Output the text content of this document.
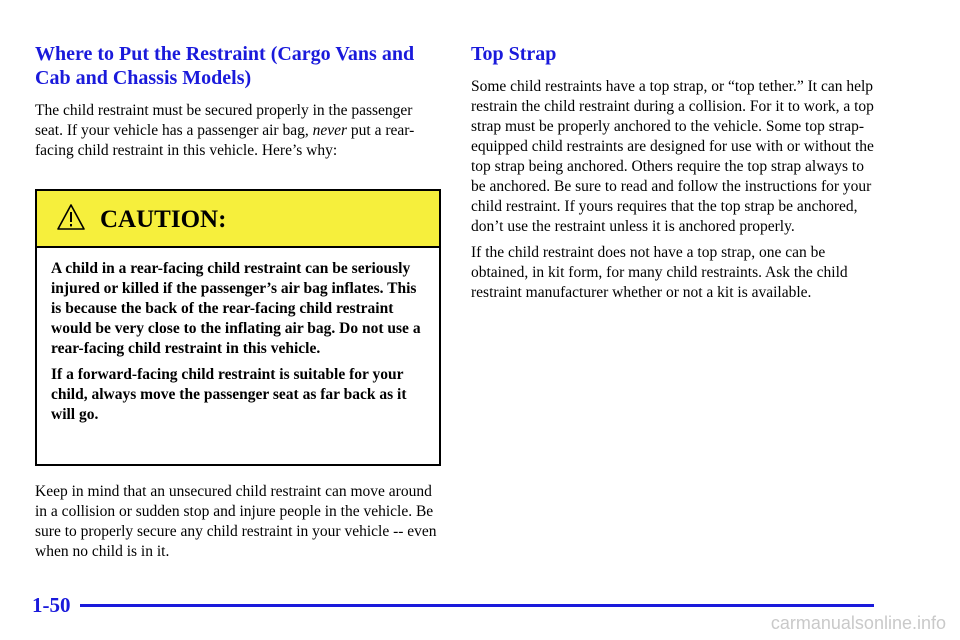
Where to Put the Restraint (Cargo Vans and Cab and Chassis Models)

The child restraint must be secured properly in the passenger seat. If your vehicle has a passenger air bag, never put a rear-facing child restraint in this vehicle. Here’s why:

CAUTION:

A child in a rear-facing child restraint can be seriously injured or killed if the passenger’s air bag inflates. This is because the back of the rear-facing child restraint would be very close to the inflating air bag. Do not use a rear-facing child restraint in this vehicle.

If a forward-facing child restraint is suitable for your child, always move the passenger seat as far back as it will go.

Keep in mind that an unsecured child restraint can move around in a collision or sudden stop and injure people in the vehicle. Be sure to properly secure any child restraint in your vehicle -- even when no child is in it.

Top Strap

Some child restraints have a top strap, or “top tether.” It can help restrain the child restraint during a collision. For it to work, a top strap must be properly anchored to the vehicle. Some top strap-equipped child restraints are designed for use with or without the top strap being anchored. Others require the top strap always to be anchored. Be sure to read and follow the instructions for your child restraint. If yours requires that the top strap be anchored, don’t use the restraint unless it is anchored properly.

If the child restraint does not have a top strap, one can be obtained, in kit form, for many child restraints. Ask the child restraint manufacturer whether or not a kit is available.

1-50
carmanualsonline.info
